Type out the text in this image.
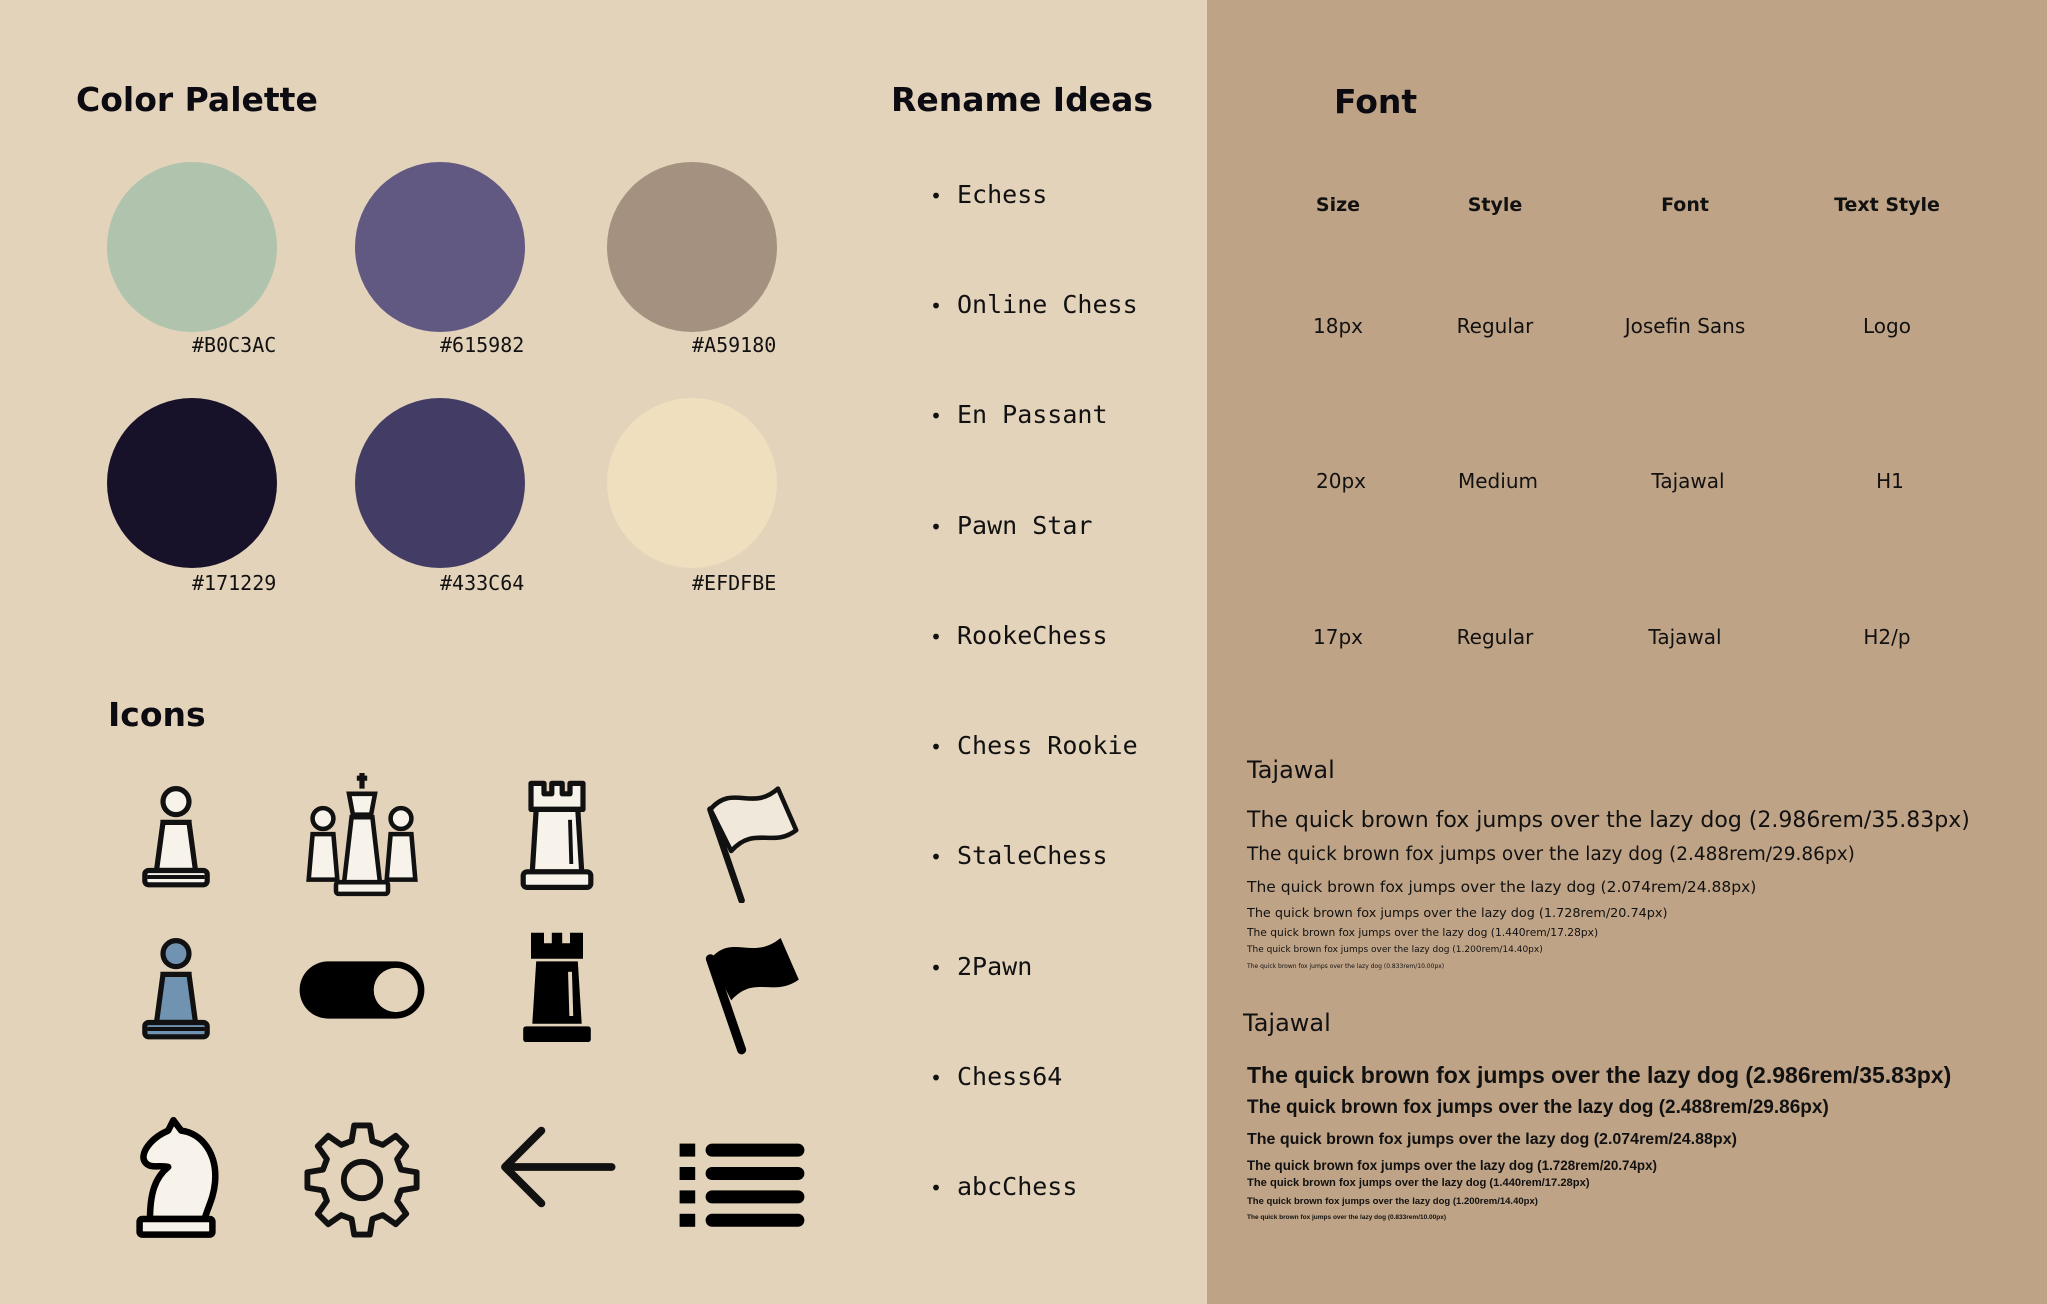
Color Palette
#B0C3AC	#615982	#A59180
#171229	#433C64	#EFDFBE
Icons
Rename Ideas
• Echess
• Online Chess
• En Passant
• Pawn Star
• RookeChess
• Chess Rookie
• StaleChess
• 2Pawn
• Chess64
• abcChess
Font
Size	Style	Font	Text Style
18px	Regular	Josefin Sans	Logo
20px	Medium	Tajawal	H1
17px	Regular	Tajawal	H2/p
Tajawal
The quick brown fox jumps over the lazy dog (2.986rem/35.83px)
The quick brown fox jumps over the lazy dog (2.488rem/29.86px)
The quick brown fox jumps over the lazy dog (2.074rem/24.88px)
The quick brown fox jumps over the lazy dog (1.728rem/20.74px)
The quick brown fox jumps over the lazy dog (1.440rem/17.28px)
The quick brown fox jumps over the lazy dog (1.200rem/14.40px)
The quick brown fox jumps over the lazy dog (0.833rem/10.00px)
Tajawal
The quick brown fox jumps over the lazy dog (2.986rem/35.83px)
The quick brown fox jumps over the lazy dog (2.488rem/29.86px)
The quick brown fox jumps over the lazy dog (2.074rem/24.88px)
The quick brown fox jumps over the lazy dog (1.728rem/20.74px)
The quick brown fox jumps over the lazy dog (1.440rem/17.28px)
The quick brown fox jumps over the lazy dog (1.200rem/14.40px)
The quick brown fox jumps over the lazy dog (0.833rem/10.00px)
